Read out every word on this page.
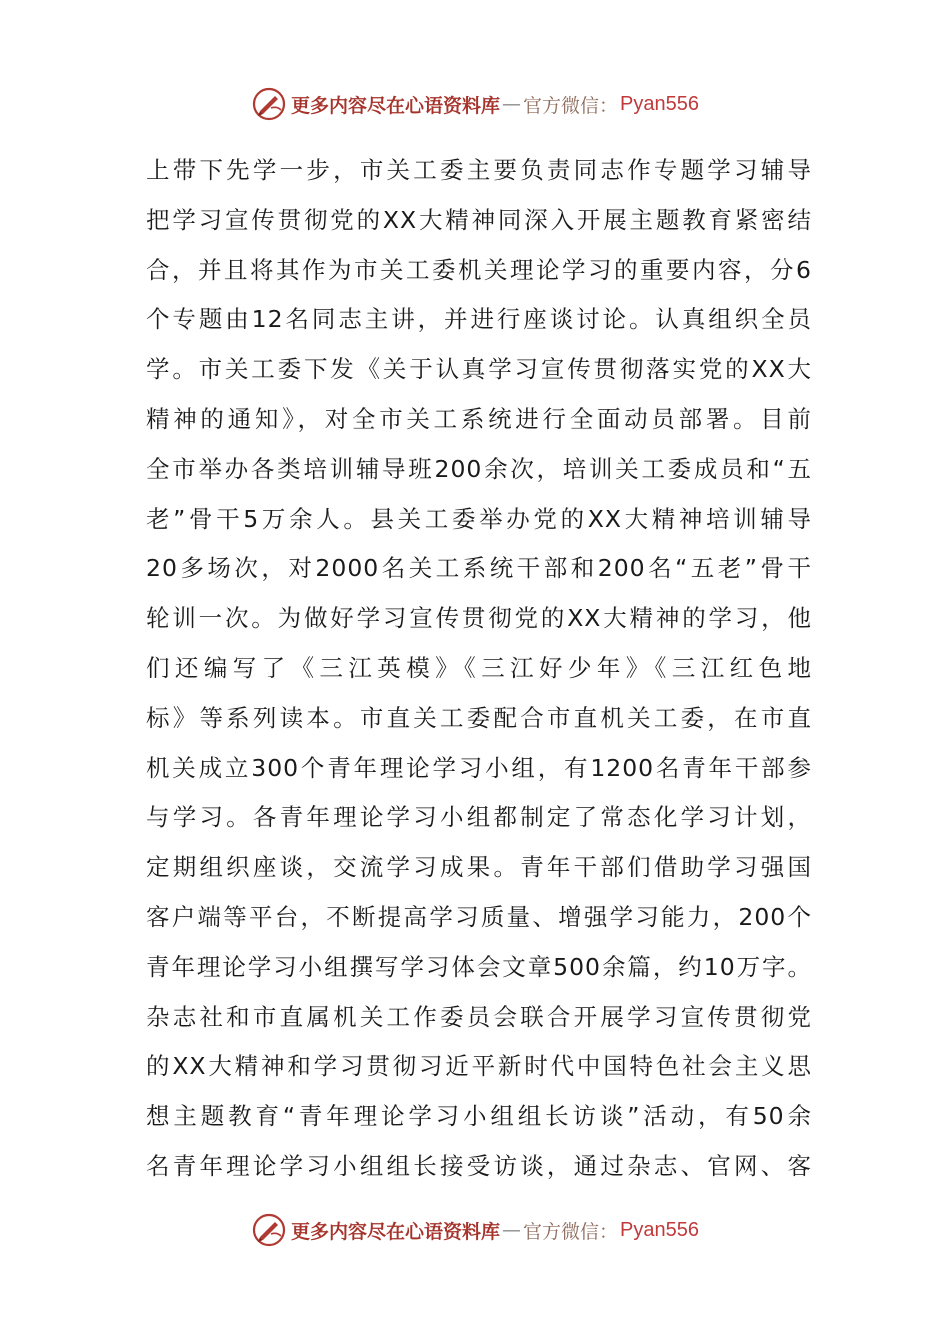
更多内容尽在心语资料库 — 官方微信： Pyan556
上带下先学一步，市关工委主要负责同志作专题学习辅导
把学习宣传贯彻党的XX大精神同深入开展主题教育紧密结
合，并且将其作为市关工委机关理论学习的重要内容，分6
个专题由12名同志主讲，并进行座谈讨论。认真组织全员
学。市关工委下发《关于认真学习宣传贯彻落实党的XX大
精神的通知》，对全市关工系统进行全面动员部署。目前
全市举办各类培训辅导班200余次，培训关工委成员和“五
老”骨干5万余人。县关工委举办党的XX大精神培训辅导
20多场次，对2000名关工系统干部和200名“五老”骨干
轮训一次。为做好学习宣传贯彻党的XX大精神的学习，他
们还编写了《三江英模》《三江好少年》《三江红色地
标》等系列读本。市直关工委配合市直机关工委，在市直
机关成立300个青年理论学习小组，有1200名青年干部参
与学习。各青年理论学习小组都制定了常态化学习计划，
定期组织座谈，交流学习成果。青年干部们借助学习强国
客户端等平台，不断提高学习质量、增强学习能力，200个
青年理论学习小组撰写学习体会文章500余篇，约10万字。
杂志社和市直属机关工作委员会联合开展学习宣传贯彻党
的XX大精神和学习贯彻习近平新时代中国特色社会主义思
想主题教育“青年理论学习小组组长访谈”活动，有50余
名青年理论学习小组组长接受访谈，通过杂志、官网、客
更多内容尽在心语资料库 — 官方微信： Pyan556
